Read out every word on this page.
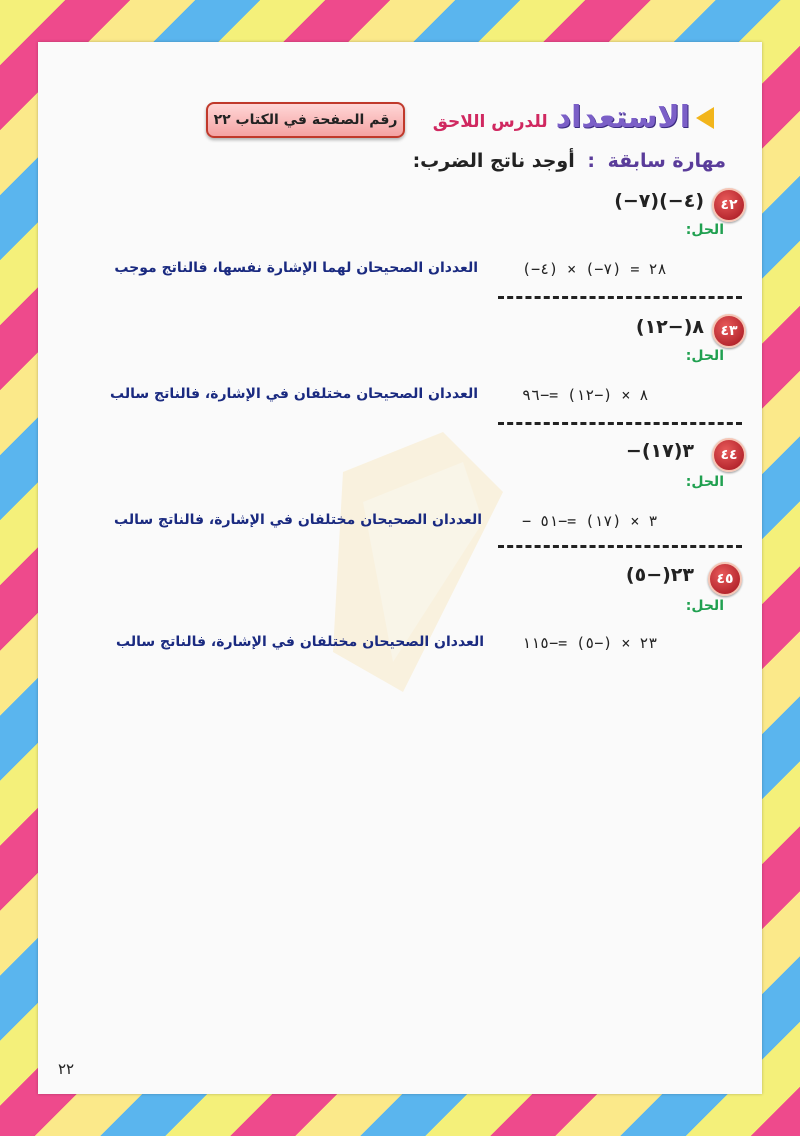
الاستعداد
للدرس اللاحق
رقم الصفحة في الكتاب ٢٢
مهارة سابقة : أوجد ناتج الضرب:
٤٢
(−٧)(−٤)
الحل:
(−٤) × (−٧) = ٢٨
العددان الصحيحان لهما الإشارة نفسها، فالناتج موجب
٤٣
٨(−١٢)
الحل:
٨ × (−١٢) =−٩٦
العددان الصحيحان مختلفان في الإشارة، فالناتج سالب
٤٤
−٣(١٧)
الحل:
− ٣ × (١٧) =−٥١
العددان الصحيحان مختلفان في الإشارة، فالناتج سالب
٤٥
٢٣(−٥)
الحل:
٢٣ × (−٥) =−١١٥
العددان الصحيحان مختلفان في الإشارة، فالناتج سالب
٢٢
